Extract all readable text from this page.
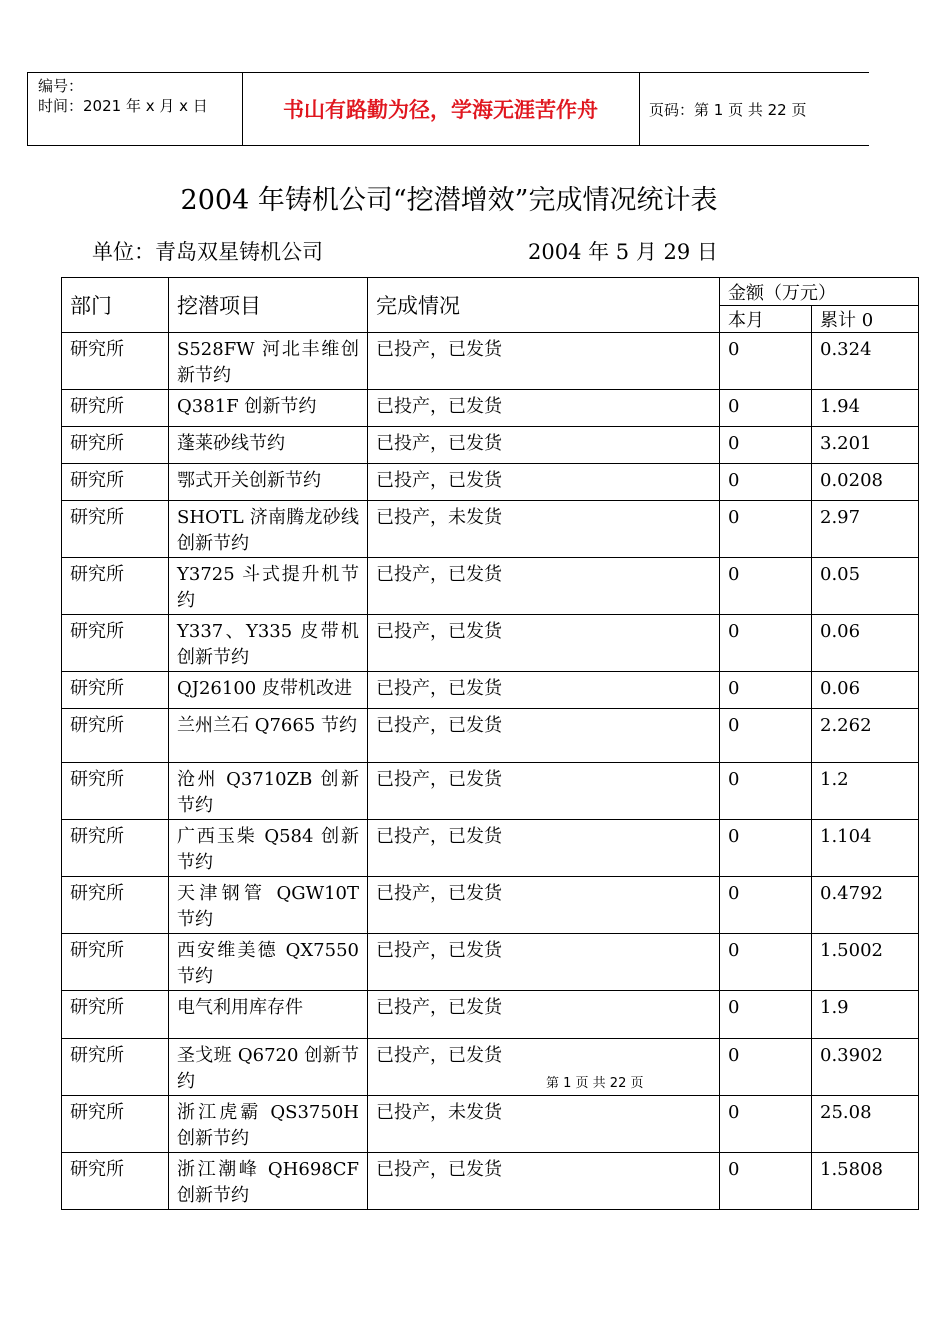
编号：
时间：2021 年 x 月 x 日	书山有路勤为径，学海无涯苦作舟	页码：第 1 页 共 22 页
2004 年铸机公司“挖潜增效”完成情况统计表
单位：青岛双星铸机公司	2004 年 5 月 29 日
部门	挖潜项目	完成情况	金额（万元）	
			本月	累计 0
研究所	S528FW 河北丰维创新节约	已投产，已发货	0	0.324
研究所	Q381F 创新节约	已投产，已发货	0	1.94
研究所	蓬莱砂线节约	已投产，已发货	0	3.201
研究所	鄂式开关创新节约	已投产，已发货	0	0.0208
研究所	SHOTL 济南腾龙砂线创新节约	已投产，未发货	0	2.97
研究所	Y3725 斗式提升机节约	已投产，已发货	0	0.05
研究所	Y337、Y335 皮带机创新节约	已投产，已发货	0	0.06
研究所	QJ26100 皮带机改进	已投产，已发货	0	0.06
研究所	兰州兰石 Q7665 节约	已投产，已发货	0	2.262
研究所	沧州 Q3710ZB 创新节约	已投产，已发货	0	1.2
研究所	广西玉柴 Q584 创新节约	已投产，已发货	0	1.104
研究所	天津钢管 QGW10T 节约	已投产，已发货	0	0.4792
研究所	西安维美德 QX7550 节约	已投产，已发货	0	1.5002
研究所	电气利用库存件	已投产，已发货	0	1.9
研究所	圣戈班 Q6720 创新节约	已投产，已发货	0	0.3902
研究所	浙江虎霸 QS3750H 创新节约	已投产，未发货	0	25.08
研究所	浙江潮峰 QH698CF 创新节约	已投产，已发货	0	1.5808
第 1 页 共 22 页
